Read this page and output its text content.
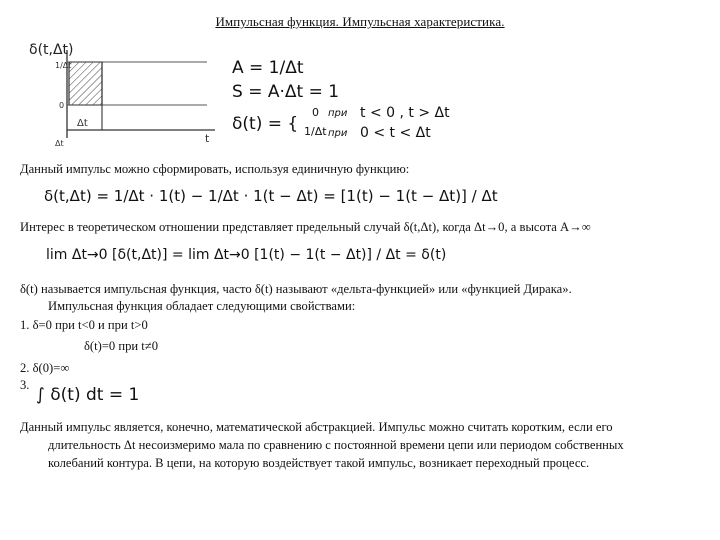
Импульсная функция. Импульсная характеристика.
δ(t,Δt)
1/Δt
0
Δt
t
Δt
A = 1/Δt
S = A·Δt = 1
δ(t) = {
0 при t < 0 , t > Δt
1/Δt при 0 < t < Δt
Данный импульс можно сформировать, используя единичную функцию:
δ(t,Δt) = 1/Δt · 1(t) − 1/Δt · 1(t − Δt) = [1(t) − 1(t − Δt)] / Δt
Интерес в теоретическом отношении представляет предельный случай δ(t,Δt), когда Δt→0, а высота A→∞
lim Δt→0 [δ(t,Δt)] = lim Δt→0 [1(t) − 1(t − Δt)] / Δt = δ(t)
δ(t) называется импульсная функция, часто δ(t) называют «дельта-функцией» или «функцией Дирака».
Импульсная функция обладает следующими свойствами:
1. δ=0 при t<0 и при t>0
δ(t)=0 при t≠0
2. δ(0)=∞
3. ∫ δ(t) dt = 1
Данный импульс является, конечно, математической абстракцией. Импульс можно считать коротким, если его
длительность Δt несоизмеримо мала по сравнению с постоянной времени цепи или периодом собственных
колебаний контура. В цепи, на которую воздействует такой импульс, возникает переходный процесс.
